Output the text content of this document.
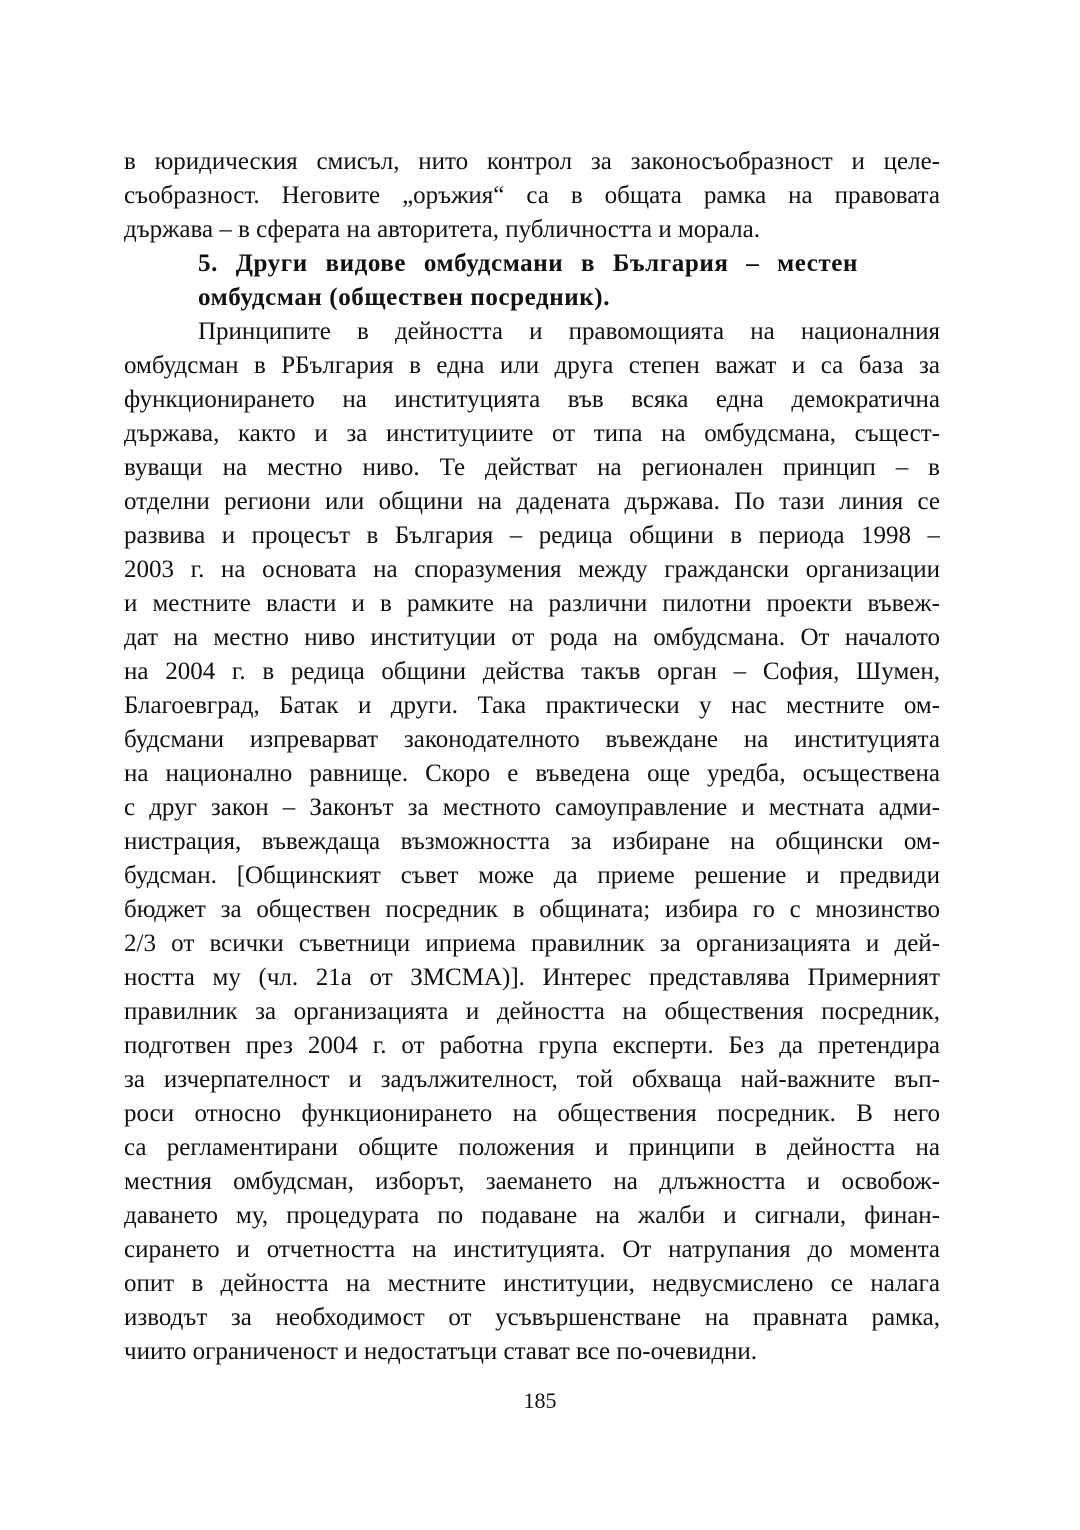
в юридическия смисъл, нито контрол за законосъобразност и целе-
съобразност. Неговите „оръжия“ са в общата рамка на правовата
държава – в сферата на авторитета, публичността и морала.
5. Други видове омбудсмани в България – местен
омбудсман (обществен посредник).
Принципите в дейността и правомощията на националния
омбудсман в РБългария в една или друга степен важат и са база за
функционирането на институцията във всяка една демократична
държава, както и за институциите от типа на омбудсмана, същест-
вуващи на местно ниво. Те действат на регионален принцип – в
отделни региони или общини на дадената държава. По тази линия се
развива и процесът в България – редица общини в периода 1998 –
2003 г. на основата на споразумения между граждански организации
и местните власти и в рамките на различни пилотни проекти въвеж-
дат на местно ниво институции от рода на омбудсмана. От началото
на 2004 г. в редица общини действа такъв орган – София, Шумен,
Благоевград, Батак и други. Така практически у нас местните ом-
будсмани изпреварват законодателното въвеждане на институцията
на национално равнище. Скоро е въведена още уредба, осъществена
с друг закон – Законът за местното самоуправление и местната адми-
нистрация, въвеждаща възможността за избиране на общински ом-
будсман. [Общинският съвет може да приеме решение и предвиди
бюджет за обществен посредник в общината; избира го с мнозинство
2/3 от всички съветници иприема правилник за организацията и дей-
ността му (чл. 21а от ЗМСМА)]. Интерес представлява Примерният
правилник за организацията и дейността на обществения посредник,
подготвен през 2004 г. от работна група експерти. Без да претендира
за изчерпателност и задължителност, той обхваща най-важните въп-
роси относно функционирането на обществения посредник. В него
са регламентирани общите положения и принципи в дейността на
местния омбудсман, изборът, заемането на длъжността и освобож-
даването му, процедурата по подаване на жалби и сигнали, финан-
сирането и отчетността на институцията. От натрупания до момента
опит в дейността на местните институции, недвусмислено се налага
изводът за необходимост от усъвършенстване на правната рамка,
чиито ограниченост и недостатъци стават все по-очевидни.
185
